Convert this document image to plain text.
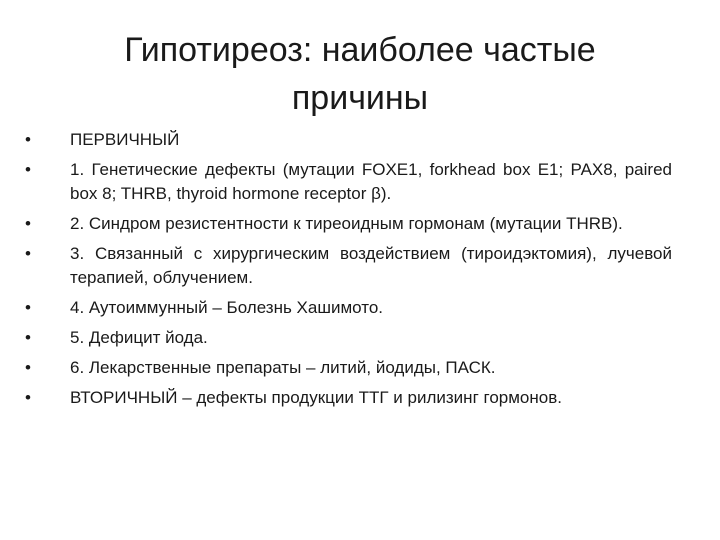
Гипотиреоз: наиболее частые
причины
•	ПЕРВИЧНЫЙ
•	1. Генетические дефекты (мутации FOXE1, forkhead box E1; PAX8, paired box 8; THRB, thyroid hormone receptor β).
•	2. Синдром резистентности к тиреоидным гормонам (мутации THRB).
•	3. Связанный с хирургическим воздействием (тироидэктомия), лучевой терапией, облучением.
•	4. Аутоиммунный – Болезнь Хашимото.
•	5. Дефицит йода.
•	6. Лекарственные препараты – литий, йодиды, ПАСК.
•	ВТОРИЧНЫЙ – дефекты продукции ТТГ и рилизинг гормонов.
